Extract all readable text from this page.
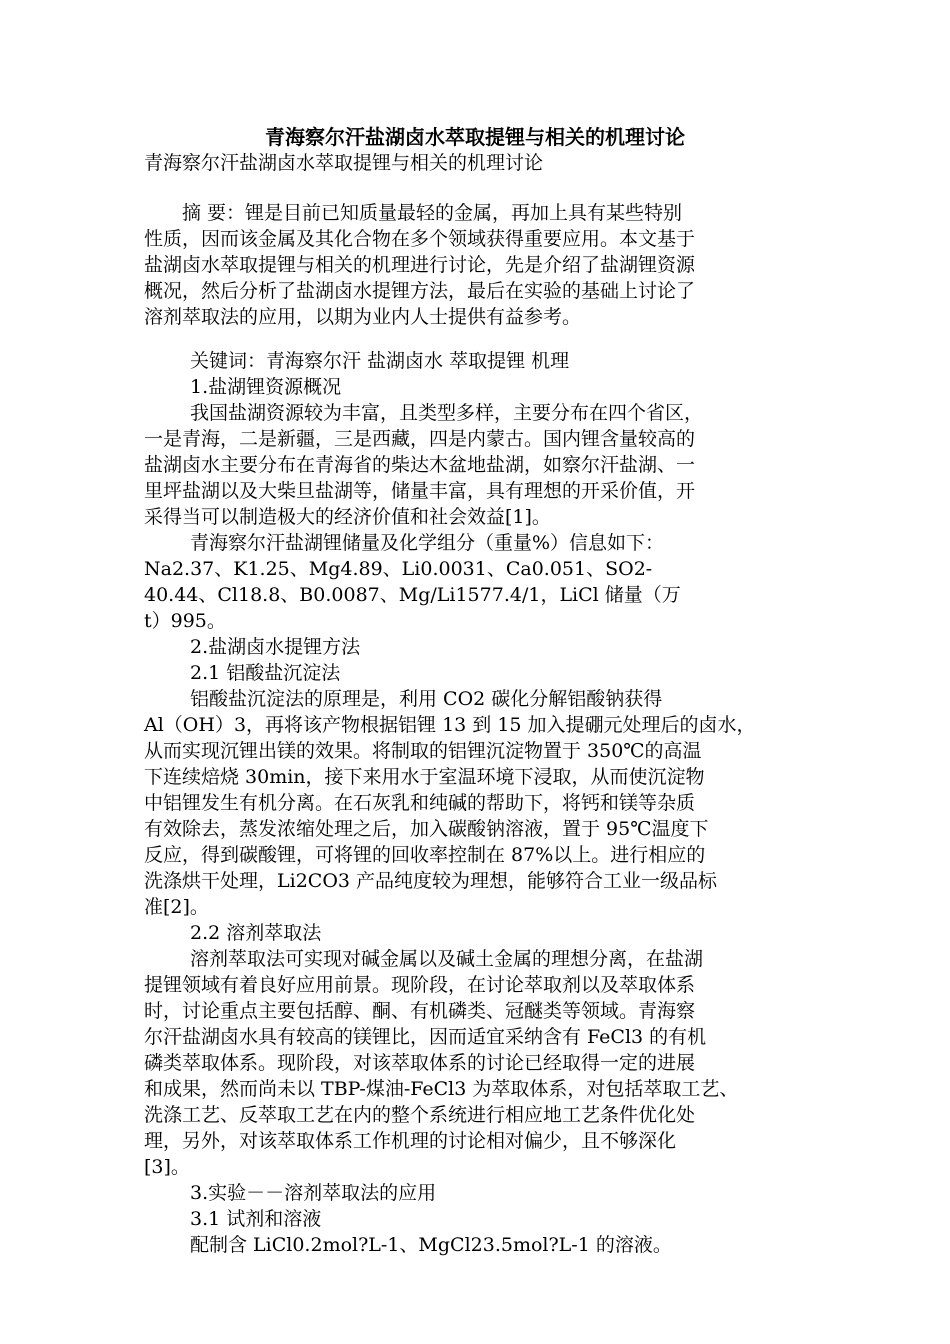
青海察尔汗盐湖卤水萃取提锂与相关的机理讨论
青海察尔汗盐湖卤水萃取提锂与相关的机理讨论
　　摘 要：锂是目前已知质量最轻的金属，再加上具有某些特别
性质，因而该金属及其化合物在多个领域获得重要应用。本文基于
盐湖卤水萃取提锂与相关的机理进行讨论，先是介绍了盐湖锂资源
概况，然后分析了盐湖卤水提锂方法，最后在实验的基础上讨论了
溶剂萃取法的应用，以期为业内人士提供有益参考。
关键词：青海察尔汗 盐湖卤水 萃取提锂 机理
1.盐湖锂资源概况
我国盐湖资源较为丰富，且类型多样，主要分布在四个省区，
一是青海，二是新疆，三是西藏，四是内蒙古。国内锂含量较高的
盐湖卤水主要分布在青海省的柴达木盆地盐湖，如察尔汗盐湖、一
里坪盐湖以及大柴旦盐湖等，储量丰富，具有理想的开采价值，开
采得当可以制造极大的经济价值和社会效益[1]。
青海察尔汗盐湖锂储量及化学组分（重量%）信息如下：
Na2.37、K1.25、Mg4.89、Li0.0031、Ca0.051、SO2-
40.44、Cl18.8、B0.0087、Mg/Li1577.4/1，LiCl 储量（万
t）995。
2.盐湖卤水提锂方法
2.1 铝酸盐沉淀法
铝酸盐沉淀法的原理是，利用 CO2 碳化分解铝酸钠获得
Al（OH）3，再将该产物根据铝锂 13 到 15 加入提硼元处理后的卤水，
从而实现沉锂出镁的效果。将制取的铝锂沉淀物置于 350℃的高温
下连续焙烧 30min，接下来用水于室温环境下浸取，从而使沉淀物
中铝锂发生有机分离。在石灰乳和纯碱的帮助下，将钙和镁等杂质
有效除去，蒸发浓缩处理之后，加入碳酸钠溶液，置于 95℃温度下
反应，得到碳酸锂，可将锂的回收率控制在 87%以上。进行相应的
洗涤烘干处理，Li2CO3 产品纯度较为理想，能够符合工业一级品标
准[2]。
2.2 溶剂萃取法
溶剂萃取法可实现对碱金属以及碱土金属的理想分离，在盐湖
提锂领域有着良好应用前景。现阶段，在讨论萃取剂以及萃取体系
时，讨论重点主要包括醇、酮、有机磷类、冠醚类等领域。青海察
尔汗盐湖卤水具有较高的镁锂比，因而适宜采纳含有 FeCl3 的有机
磷类萃取体系。现阶段，对该萃取体系的讨论已经取得一定的进展
和成果，然而尚未以 TBP-煤油-FeCl3 为萃取体系，对包括萃取工艺、
洗涤工艺、反萃取工艺在内的整个系统进行相应地工艺条件优化处
理，另外，对该萃取体系工作机理的讨论相对偏少，且不够深化
[3]。
3.实验－－溶剂萃取法的应用
3.1 试剂和溶液
配制含 LiCl0.2mol?L-1、MgCl23.5mol?L-1 的溶液。
